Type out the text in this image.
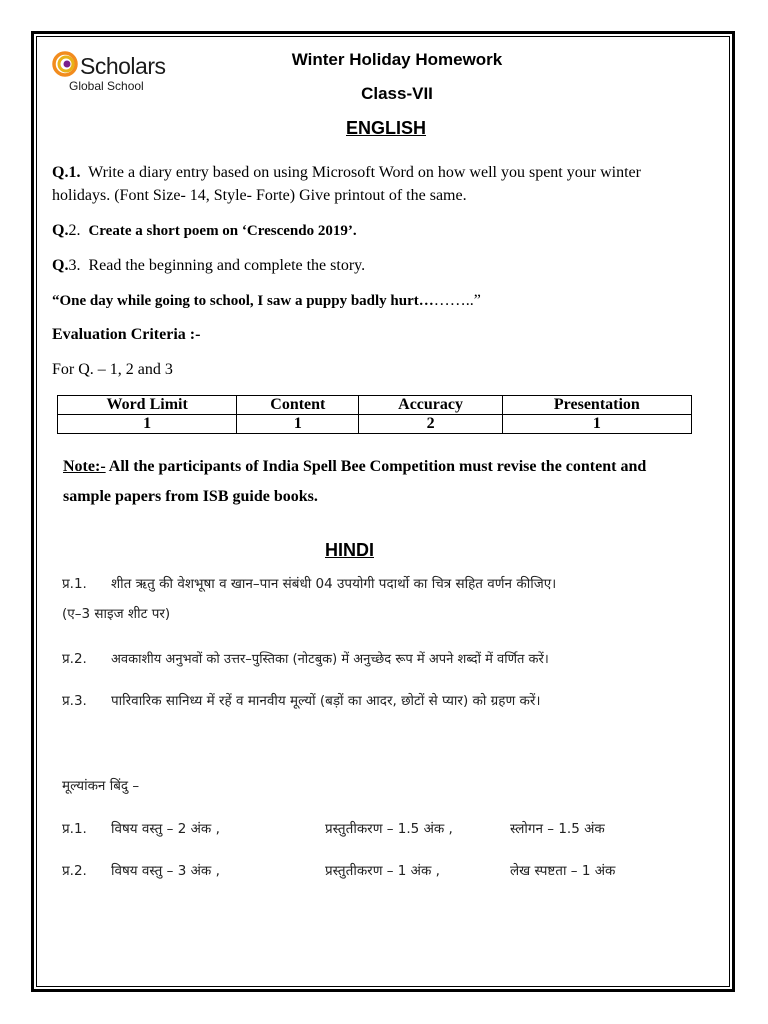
Scholars
Global School
Winter Holiday Homework
Class-VII
ENGLISH
Q.1. Write a diary entry based on using Microsoft Word on how well you spent your winter
holidays. (Font Size- 14, Style- Forte) Give printout of the same.
Q.2. Create a short poem on ‘Crescendo 2019’.
Q.3. Read the beginning and complete the story.
“One day while going to school, I saw a puppy badly hurt………..”
Evaluation Criteria :-
For Q. – 1, 2 and 3
Word Limit	Content	Accuracy	Presentation
1	1	2	1
Note:- All the participants of India Spell Bee Competition must revise the content and
sample papers from ISB guide books.
HINDI
प्र.1. शीत ऋतु की वेशभूषा व खान–पान संबंधी 04 उपयोगी पदार्थो का चित्र सहित वर्णन कीजिए।
(ए–3 साइज शीट पर)
प्र.2. अवकाशीय अनुभवों को उत्तर–पुस्तिका (नोटबुक) में अनुच्छेद रूप में अपने शब्दों में वर्णित करें।
प्र.3. पारिवारिक सानिध्य में रहें व मानवीय मूल्यों (बड़ों का आदर, छोटों से प्यार) को ग्रहण करें।
मूल्यांकन बिंदु –
प्र.1. विषय वस्तु – 2 अंक ,	प्रस्तुतीकरण – 1.5 अंक ,	स्लोगन – 1.5 अंक
प्र.2. विषय वस्तु – 3 अंक ,	प्रस्तुतीकरण – 1 अंक ,	लेख स्पष्टता – 1 अंक
